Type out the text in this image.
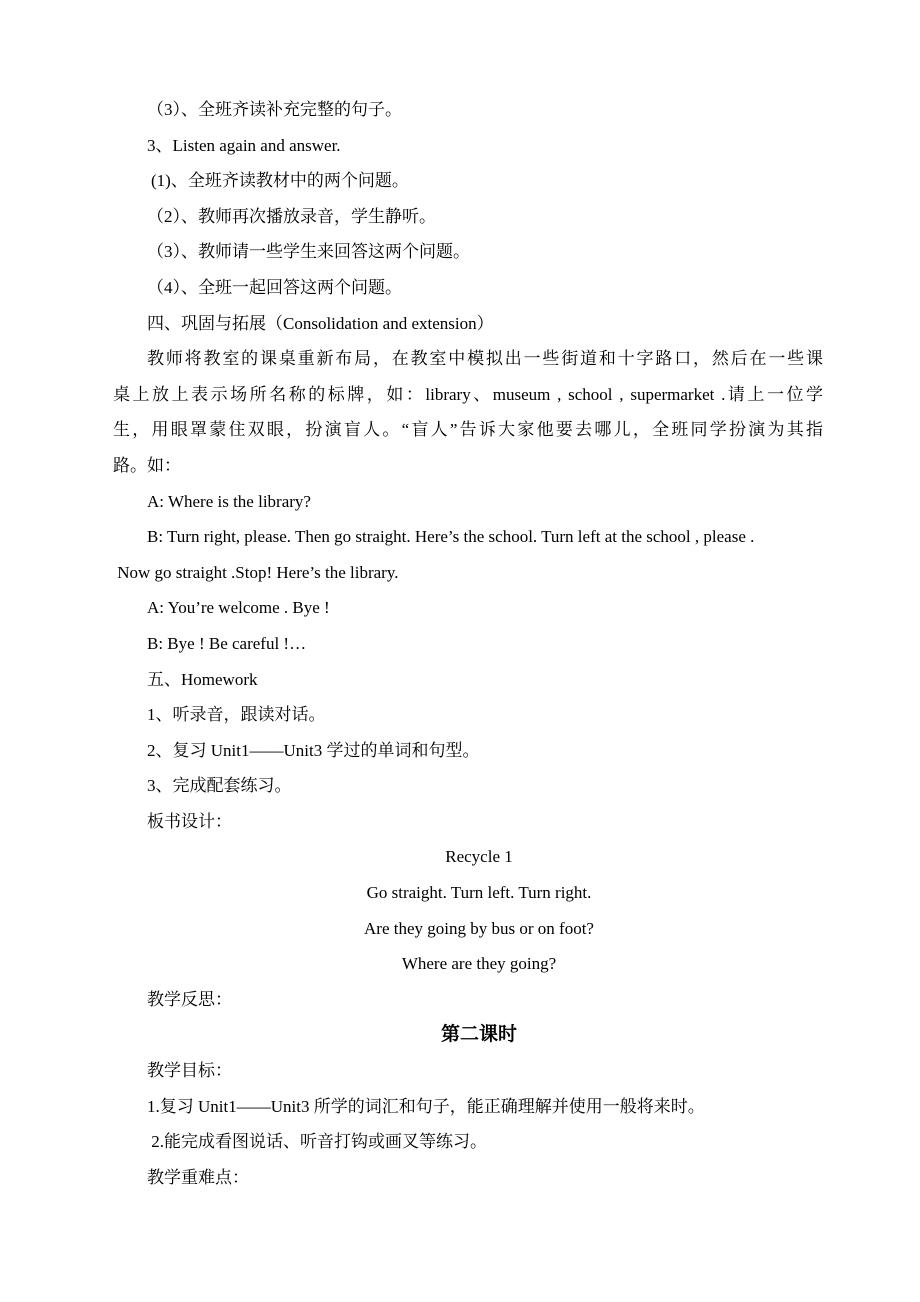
（3）、全班齐读补充完整的句子。
3、Listen again and answer.
(1)、全班齐读教材中的两个问题。
（2）、教师再次播放录音，学生静听。
（3）、教师请一些学生来回答这两个问题。
（4）、全班一起回答这两个问题。
四、巩固与拓展（Consolidation and extension）
教师将教室的课桌重新布局，在教室中模拟出一些街道和十字路口，然后在一些课
桌上放上表示场所名称的标牌，如：library、museum , school , supermarket .请上一位学
生，用眼罩蒙住双眼，扮演盲人。“盲人”告诉大家他要去哪儿，全班同学扮演为其指
路。如：
A: Where is the library?
B: Turn right, please. Then go straight. Here’s the school. Turn left at the school , please .
Now go straight .Stop! Here’s the library.
A: You’re welcome . Bye !
B: Bye ! Be careful !…
五、Homework
1、听录音，跟读对话。
2、复习 Unit1——Unit3 学过的单词和句型。
3、完成配套练习。
板书设计：
Recycle 1
Go straight. Turn left. Turn right.
Are they going by bus or on foot?
Where are they going?
教学反思：
第二课时
教学目标：
1.复习 Unit1——Unit3 所学的词汇和句子，能正确理解并使用一般将来时。
2.能完成看图说话、听音打钩或画叉等练习。
教学重难点：
